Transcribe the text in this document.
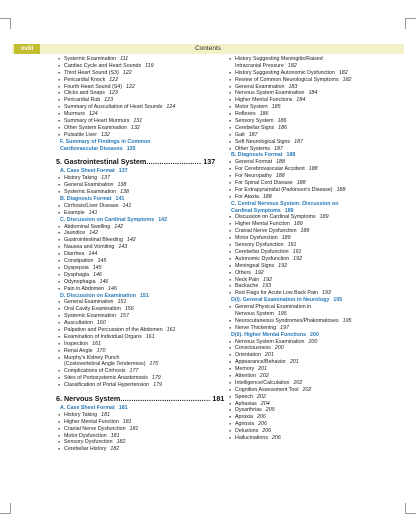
xviii	Contents
● Systemic Examination 111
● Cardiac Cycle and Heart Sounds 119
● Third Heart Sound (S3) 122
● Pericardial Knock 122
● Fourth Heart Sound (S4) 122
● Clicks and Snaps 123
● Pericardial Rub 123
● Summary of Auscultation of Heart Sounds 124
● Murmurs 124
● Summary of Heart Murmurs 131
● Other System Examination 132
● Pulsatile Liver 132
F. Summary of Findings in Common
Cardiovascular Diseases 135
5. Gastrointestinal System......................... 137
A. Case Sheet Format 137
● History Taking 137
● General Examination 138
● Systemic Examination 138
B. Diagnosis Format 141
● Cirrhosis/Liver Disease 141
● Example 141
C. Discussion on Cardinal Symptoms 142
● Abdominal Swelling 142
● Jaundice 142
● Gastrointestinal Bleeding 142
● Nausea and Vomiting 143
● Diarrhea 144
● Constipation 145
● Dyspepsia 145
● Dysphagia 146
● Odynophagia 146
● Pain in Abdomen 146
D. Discussion on Examination 151
● General Examination 151
● Oral Cavity Examination 156
● Systemic Examination 157
● Auscultation 160
● Palpation and Percussion of the Abdomen 161
● Examination of Individual Organs 161
● Inspection 161
● Renal Angle 170
● Murphy's Kidney Punch
(Costovertebral Angle Tenderness) 170
● Complications of Cirrhosis 177
● Sites of Portosystemic Anastomosis 179
● Classification of Portal Hypertension 179
6. Nervous System......................................... 181
A. Case Sheet Format 181
● History Taking 181
● Higher Mental Function 181
● Cranial Nerve Dysfunction 181
● Motor Dysfunction 181
● Sensory Dysfunction 182
● Cerebellar History 182
● History Suggesting Meningitis/Raised
Intracranial Pressure 182
● History Suggesting Autonomic Dysfunction 182
● Review of Common Neurological Symptoms 182
● General Examination 183
● Nervous System Examination 184
● Higher Mental Functions 184
● Motor System 185
● Reflexes 186
● Sensory System 186
● Cerebellar Signs 186
● Gait 187
● Soft Neurological Signs 187
● Other Systems 187
B. Diagnosis Format 188
● General Format 188
● For Cerebrovascular Accident 188
● For Neuropathy 188
● For Spinal Cord Disease 188
● For Extrapyramidal (Parkinson's Disease) 188
● For Ataxia 188
C. Central Nervous System: Discussion on
Cardinal Symptoms 189
● Discussion on Cardinal Symptoms 189
● Higher Mental Function 189
● Cranial Nerve Dysfunction 189
● Motor Dysfunction 189
● Sensory Dysfunction 191
● Cerebellar Dysfunction 191
● Autonomic Dysfunction 192
● Meningeal Signs 192
● Others 192
● Neck Pain 192
● Backache 193
● Red Flags for Acute Low Back Pain 193
D(i). General Examination in Neurology 195
● General Physical Examination in
Nervous System 195
● Neurocutaneous Syndromes/Phakomatoses 195
● Nerve Thickening 197
D(ii). Higher Mental Functions 200
● Nervous System Examination 200
● Consciousness 200
● Orientation 201
● Appearance/Behavior 201
● Memory 201
● Attention 202
● Intelligence/Calculation 202
● Cognition Assessment Tool 202
● Speech 202
● Aphasias 204
● Dysarthrias 205
● Apraxia 206
● Agnosia 206
● Delusions 206
● Hallucinations 206
